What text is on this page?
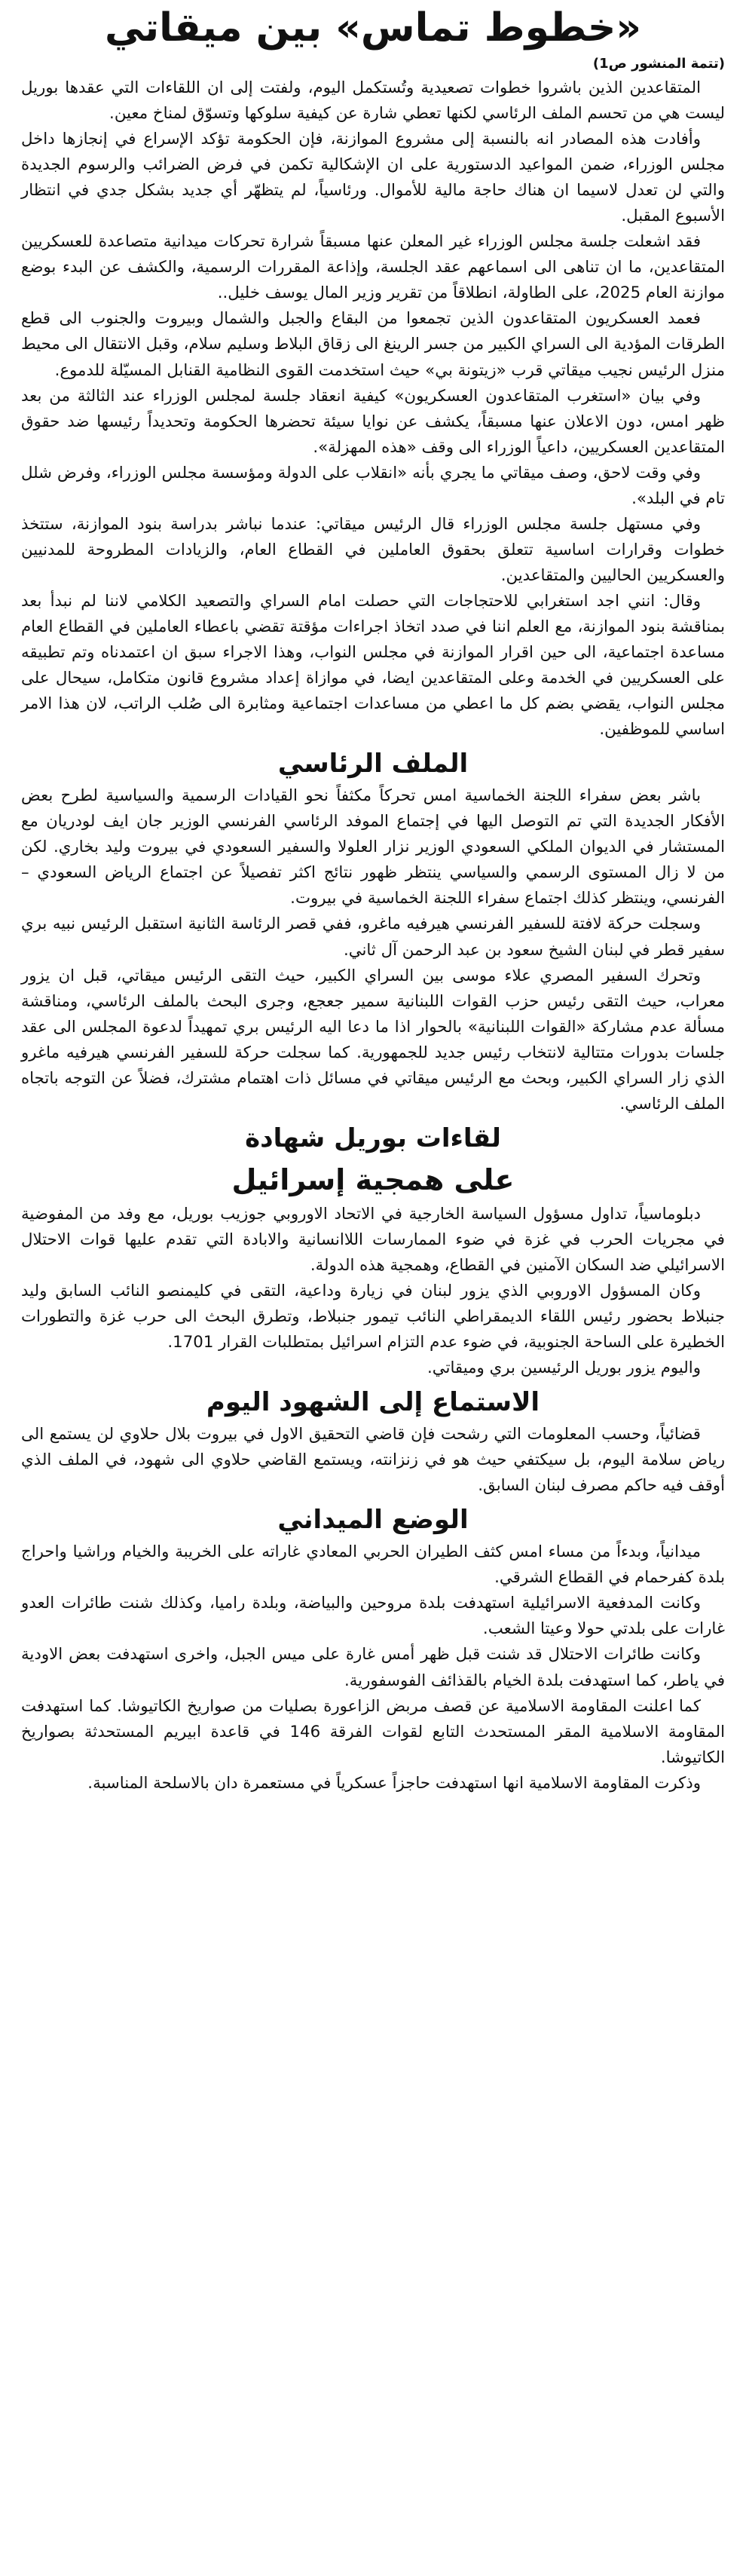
«خطوط تماس» بين ميقاتي

(تتمة المنشور ص1)

المتقاعدين الذين باشروا خطوات تصعيدية وتُستكمل اليوم، ولفتت إلى ان اللقاءات التي عقدها بوريل ليست هي من تحسم الملف الرئاسي لكنها تعطي شارة عن كيفية سلوكها وتسوّق لمناخ معين.

وأفادت هذه المصادر انه بالنسبة إلى مشروع الموازنة، فإن الحكومة تؤكد الإسراع في إنجازها داخل مجلس الوزراء، ضمن المواعيد الدستورية على ان الإشكالية تكمن في فرض الضرائب والرسوم الجديدة والتي لن تعدل لاسيما ان هناك حاجة مالية للأموال. ورئاسياً، لم يتظهّر أي جديد بشكل جدي في انتظار الأسبوع المقبل.

فقد اشعلت جلسة مجلس الوزراء غير المعلن عنها مسبقاً شرارة تحركات ميدانية متصاعدة للعسكريين المتقاعدين، ما ان تناهى الى اسماعهم عقد الجلسة، وإذاعة المقررات الرسمية، والكشف عن البدء بوضع موازنة العام 2025، على الطاولة، انطلاقاً من تقرير وزير المال يوسف خليل..

فعمد العسكريون المتقاعدون الذين تجمعوا من البقاع والجبل والشمال وبيروت والجنوب الى قطع الطرقات المؤدية الى السراي الكبير من جسر الرينغ الى زقاق البلاط وسليم سلام، وقبل الانتقال الى محيط منزل الرئيس نجيب ميقاتي قرب «زيتونة بي» حيث استخدمت القوى النظامية القنابل المسيّلة للدموع.

وفي بيان «استغرب المتقاعدون العسكريون» كيفية انعقاد جلسة لمجلس الوزراء عند الثالثة من بعد ظهر امس، دون الاعلان عنها مسبقاً، يكشف عن نوايا سيئة تحضرها الحكومة وتحديداً رئيسها ضد حقوق المتقاعدين العسكريين، داعياً الوزراء الى وقف «هذه المهزلة».

وفي وقت لاحق، وصف ميقاتي ما يجري بأنه «انقلاب على الدولة ومؤسسة مجلس الوزراء، وفرض شلل تام في البلد».

وفي مستهل جلسة مجلس الوزراء قال الرئيس ميقاتي: عندما نباشر بدراسة بنود الموازنة، ستتخذ خطوات وقرارات اساسية تتعلق بحقوق العاملين في القطاع العام، والزيادات المطروحة للمدنيين والعسكريين الحاليين والمتقاعدين.

وقال: انني اجد استغرابي للاحتجاجات التي حصلت امام السراي والتصعيد الكلامي لاننا لم نبدأ بعد بمناقشة بنود الموازنة، مع العلم اننا في صدد اتخاذ اجراءات مؤقتة تقضي باعطاء العاملين في القطاع العام مساعدة اجتماعية، الى حين اقرار الموازنة في مجلس النواب، وهذا الاجراء سبق ان اعتمدناه وتم تطبيقه على العسكريين في الخدمة وعلى المتقاعدين ايضا، في موازاة إعداد مشروع قانون متكامل، سيحال على مجلس النواب، يقضي بضم كل ما اعطي من مساعدات اجتماعية ومثابرة الى صُلب الراتب، لان هذا الامر اساسي للموظفين.

الملف الرئاسي

باشر بعض سفراء اللجنة الخماسية امس تحركاً مكثفاً نحو القيادات الرسمية والسياسية لطرح بعض الأفكار الجديدة التي تم التوصل اليها في إجتماع الموفد الرئاسي الفرنسي الوزير جان ايف لودريان مع المستشار في الديوان الملكي السعودي الوزير نزار العلولا والسفير السعودي في بيروت وليد بخاري. لكن من لا زال المستوى الرسمي والسياسي ينتظر ظهور نتائج اكثر تفصيلاً عن اجتماع الرياض السعودي – الفرنسي، وينتظر كذلك اجتماع سفراء اللجنة الخماسية في بيروت.

وسجلت حركة لافتة للسفير الفرنسي هيرفيه ماغرو، ففي قصر الرئاسة الثانية استقبل الرئيس نبيه بري سفير قطر في لبنان الشيخ سعود بن عبد الرحمن آل ثاني.

وتحرك السفير المصري علاء موسى بين السراي الكبير، حيث التقى الرئيس ميقاتي، قبل ان يزور معراب، حيث التقى رئيس حزب القوات اللبنانية سمير جعجع، وجرى البحث بالملف الرئاسي، ومناقشة مسألة عدم مشاركة «القوات اللبنانية» بالحوار اذا ما دعا اليه الرئيس بري تمهيداً لدعوة المجلس الى عقد جلسات بدورات متتالية لانتخاب رئيس جديد للجمهورية. كما سجلت حركة للسفير الفرنسي هيرفيه ماغرو الذي زار السراي الكبير، وبحث مع الرئيس ميقاتي في مسائل ذات اهتمام مشترك، فضلاً عن التوجه باتجاه الملف الرئاسي.

لقاءات بوريل شهادة
على همجية إسرائيل

دبلوماسياً، تداول مسؤول السياسة الخارجية في الاتحاد الاوروبي جوزيب بوريل، مع وفد من المفوضية في مجريات الحرب في غزة في ضوء الممارسات اللاانسانية والابادة التي تقدم عليها قوات الاحتلال الاسرائيلي ضد السكان الآمنين في القطاع، وهمجية هذه الدولة.

وكان المسؤول الاوروبي الذي يزور لبنان في زيارة وداعية، التقى في كليمنصو النائب السابق وليد جنبلاط بحضور رئيس اللقاء الديمقراطي النائب تيمور جنبلاط، وتطرق البحث الى حرب غزة والتطورات الخطيرة على الساحة الجنوبية، في ضوء عدم التزام اسرائيل بمتطلبات القرار 1701.

واليوم يزور بوريل الرئيسين بري وميقاتي.

الاستماع إلى الشهود اليوم

قضائياً، وحسب المعلومات التي رشحت فإن قاضي التحقيق الاول في بيروت بلال حلاوي لن يستمع الى رياض سلامة اليوم، بل سيكتفي حيث هو في زنزانته، ويستمع القاضي حلاوي الى شهود، في الملف الذي أوقف فيه حاكم مصرف لبنان السابق.

الوضع الميداني

ميدانياً، وبدءاً من مساء امس كثف الطيران الحربي المعادي غاراته على الخريبة والخيام وراشيا واحراج بلدة كفرحمام في القطاع الشرقي.

وكانت المدفعية الاسرائيلية استهدفت بلدة مروحين والبياضة، وبلدة راميا، وكذلك شنت طائرات العدو غارات على بلدتي حولا وعيتا الشعب.

وكانت طائرات الاحتلال قد شنت قبل ظهر أمس غارة على ميس الجبل، واخرى استهدفت بعض الاودية في ياطر، كما استهدفت بلدة الخيام بالقذائف الفوسفورية.

كما اعلنت المقاومة الاسلامية عن قصف مربض الزاعورة بصليات من صواريخ الكاتيوشا. كما استهدفت المقاومة الاسلامية المقر المستحدث التابع لقوات الفرقة 146 في قاعدة ابيريم المستحدثة بصواريخ الكاتيوشا.

وذكرت المقاومة الاسلامية انها استهدفت حاجزاً عسكرياً في مستعمرة دان بالاسلحة المناسبة.
